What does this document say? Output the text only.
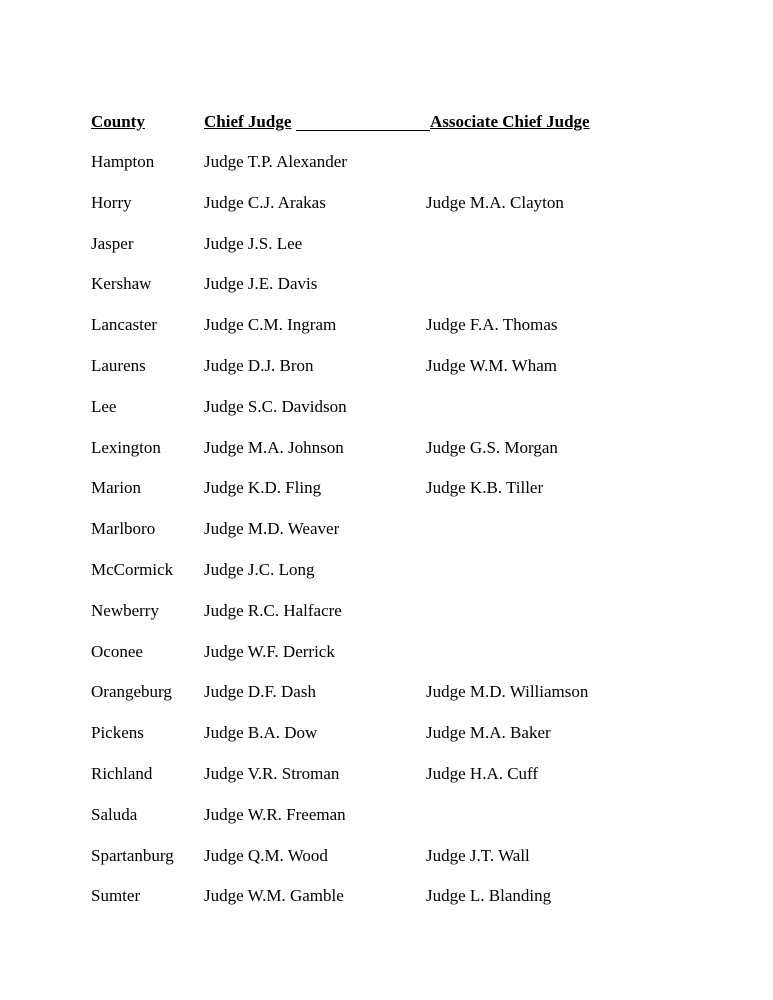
County	Chief Judge	Associate Chief Judge
Hampton	Judge T.P. Alexander
Horry	Judge C.J. Arakas	Judge M.A. Clayton
Jasper	Judge J.S. Lee
Kershaw	Judge J.E. Davis
Lancaster	Judge C.M. Ingram	Judge F.A. Thomas
Laurens	Judge D.J. Bron	Judge W.M. Wham
Lee	Judge S.C. Davidson
Lexington	Judge M.A. Johnson	Judge G.S. Morgan
Marion	Judge K.D. Fling	Judge K.B. Tiller
Marlboro	Judge M.D. Weaver
McCormick Judge J.C. Long
Newberry	Judge R.C. Halfacre
Oconee	Judge W.F. Derrick
Orangeburg Judge D.F. Dash	Judge M.D. Williamson
Pickens	Judge B.A. Dow	Judge M.A. Baker
Richland	Judge V.R. Stroman	Judge H.A. Cuff
Saluda	Judge W.R. Freeman
Spartanburg Judge Q.M. Wood	Judge J.T. Wall
Sumter	Judge W.M. Gamble	Judge L. Blanding
